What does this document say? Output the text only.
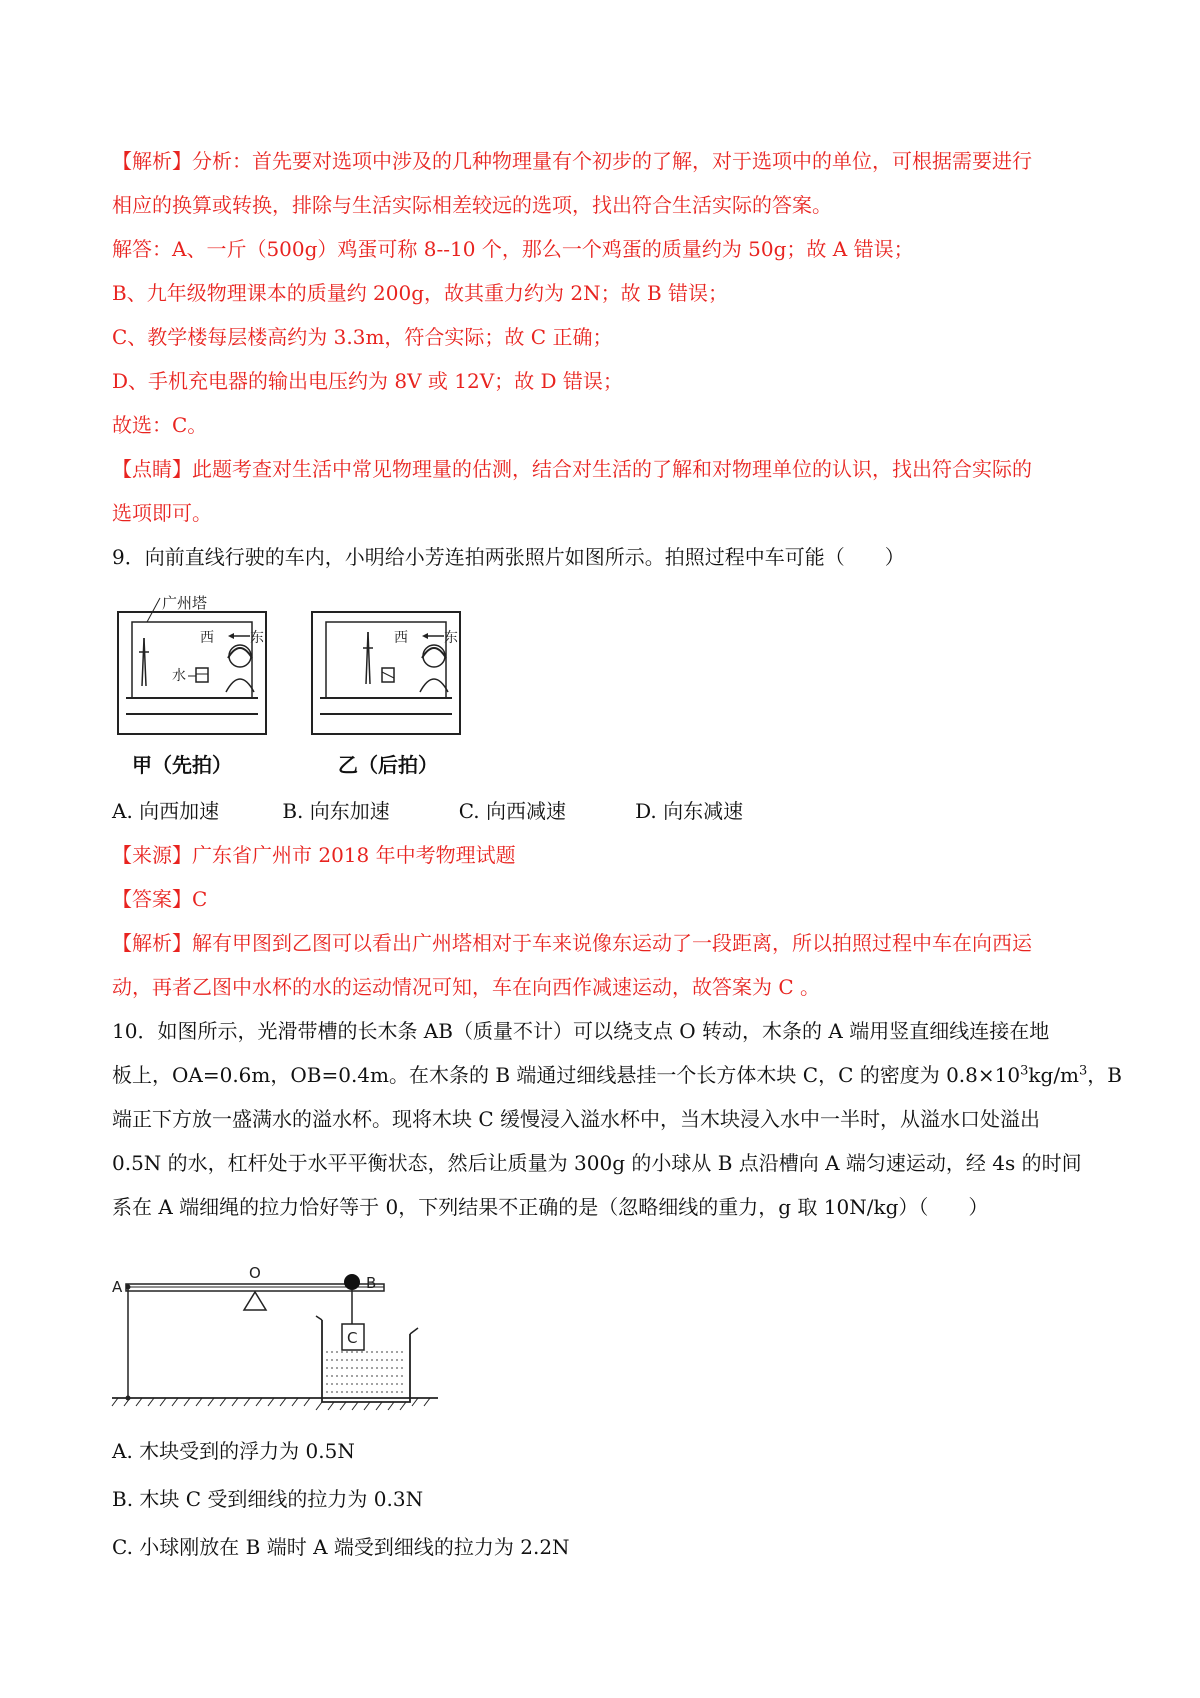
【解析】分析：首先要对选项中涉及的几种物理量有个初步的了解，对于选项中的单位，可根据需要进行
相应的换算或转换，排除与生活实际相差较远的选项，找出符合生活实际的答案。
解答：A、一斤（500g）鸡蛋可称 8--10 个，那么一个鸡蛋的质量约为 50g；故 A 错误；
B、九年级物理课本的质量约 200g，故其重力约为 2N；故 B 错误；
C、教学楼每层楼高约为 3.3m，符合实际；故 C 正确；
D、手机充电器的输出电压约为 8V 或 12V；故 D 错误；
故选：C。
【点睛】此题考查对生活中常见物理量的估测，结合对生活的了解和对物理单位的认识，找出符合实际的
选项即可。
9．向前直线行驶的车内，小明给小芳连拍两张照片如图所示。拍照过程中车可能（　　）
广州塔
西	东
水
西	东
甲（先拍）	乙（后拍）
A. 向西加速	B. 向东加速	C. 向西减速	D. 向东减速
【来源】广东省广州市 2018 年中考物理试题
【答案】C
【解析】解有甲图到乙图可以看出广州塔相对于车来说像东运动了一段距离，所以拍照过程中车在向西运
动，再者乙图中水杯的水的运动情况可知，车在向西作减速运动，故答案为 C 。
10．如图所示，光滑带槽的长木条 AB（质量不计）可以绕支点 O 转动，木条的 A 端用竖直细线连接在地
板上，OA=0.6m，OB=0.4m。在木条的 B 端通过细线悬挂一个长方体木块 C，C 的密度为 $0.8\times 10^3kg/m^3$，B
端正下方放一盛满水的溢水杯。现将木块 C 缓慢浸入溢水杯中，当木块浸入水中一半时，从溢水口处溢出
0.5N 的水，杠杆处于水平平衡状态，然后让质量为 300g 的小球从 B 点沿槽向 A 端匀速运动，经 4s 的时间
系在 A 端细绳的拉力恰好等于 0，下列结果不正确的是（忽略细线的重力，g 取 10N/kg）（　　）
A
O
B
C
A. 木块受到的浮力为 0.5N
B. 木块 C 受到细线的拉力为 0.3N
C. 小球刚放在 B 端时 A 端受到细线的拉力为 2.2N
